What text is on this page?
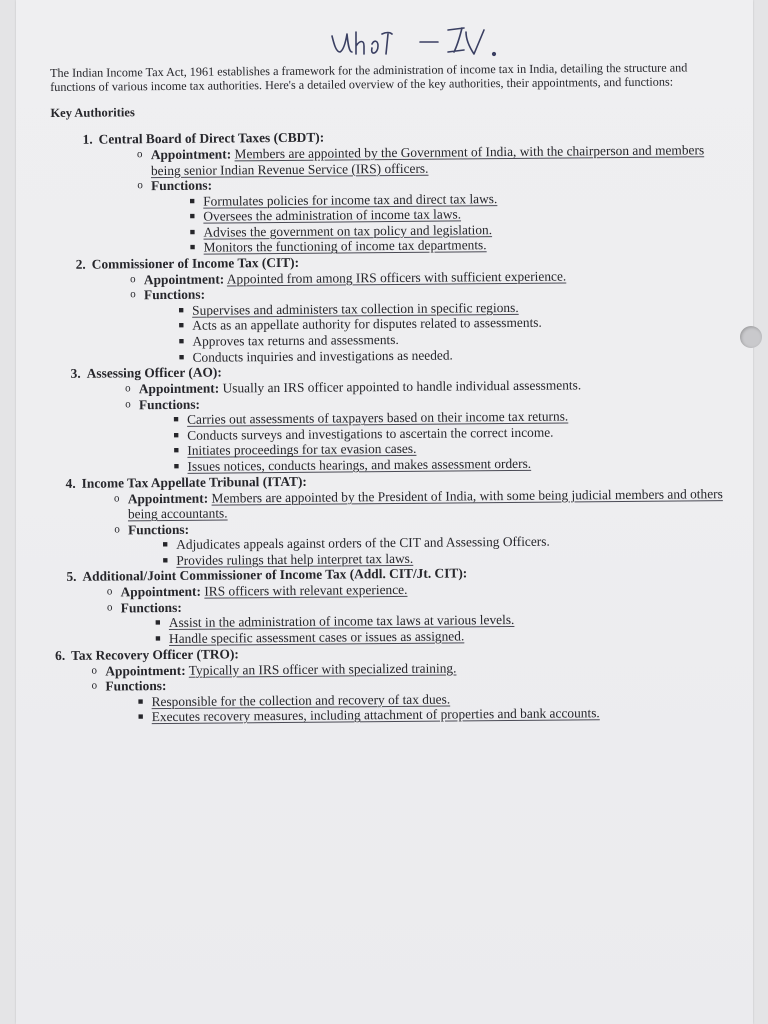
The Indian Income Tax Act, 1961 establishes a framework for the administration of income tax in India, detailing the structure and functions of various income tax authorities. Here's a detailed overview of the key authorities, their appointments, and functions:

Key Authorities
1. Central Board of Direct Taxes (CBDT):
o Appointment: Members are appointed by the Government of India, with the chairperson and members being senior Indian Revenue Service (IRS) officers.
o Functions:
■ Formulates policies for income tax and direct tax laws.
■ Oversees the administration of income tax laws.
■ Advises the government on tax policy and legislation.
■ Monitors the functioning of income tax departments.
2. Commissioner of Income Tax (CIT):
o Appointment: Appointed from among IRS officers with sufficient experience.
o Functions:
■ Supervises and administers tax collection in specific regions.
■ Acts as an appellate authority for disputes related to assessments.
■ Approves tax returns and assessments.
■ Conducts inquiries and investigations as needed.
3. Assessing Officer (AO):
o Appointment: Usually an IRS officer appointed to handle individual assessments.
o Functions:
■ Carries out assessments of taxpayers based on their income tax returns.
■ Conducts surveys and investigations to ascertain the correct income.
■ Initiates proceedings for tax evasion cases.
■ Issues notices, conducts hearings, and makes assessment orders.
4. Income Tax Appellate Tribunal (ITAT):
o Appointment: Members are appointed by the President of India, with some being judicial members and others being accountants.
o Functions:
■ Adjudicates appeals against orders of the CIT and Assessing Officers.
■ Provides rulings that help interpret tax laws.
5. Additional/Joint Commissioner of Income Tax (Addl. CIT/Jt. CIT):
o Appointment: IRS officers with relevant experience.
o Functions:
■ Assist in the administration of income tax laws at various levels.
■ Handle specific assessment cases or issues as assigned.
6. Tax Recovery Officer (TRO):
o Appointment: Typically an IRS officer with specialized training.
o Functions:
■ Responsible for the collection and recovery of tax dues.
■ Executes recovery measures, including attachment of properties and bank accounts.
